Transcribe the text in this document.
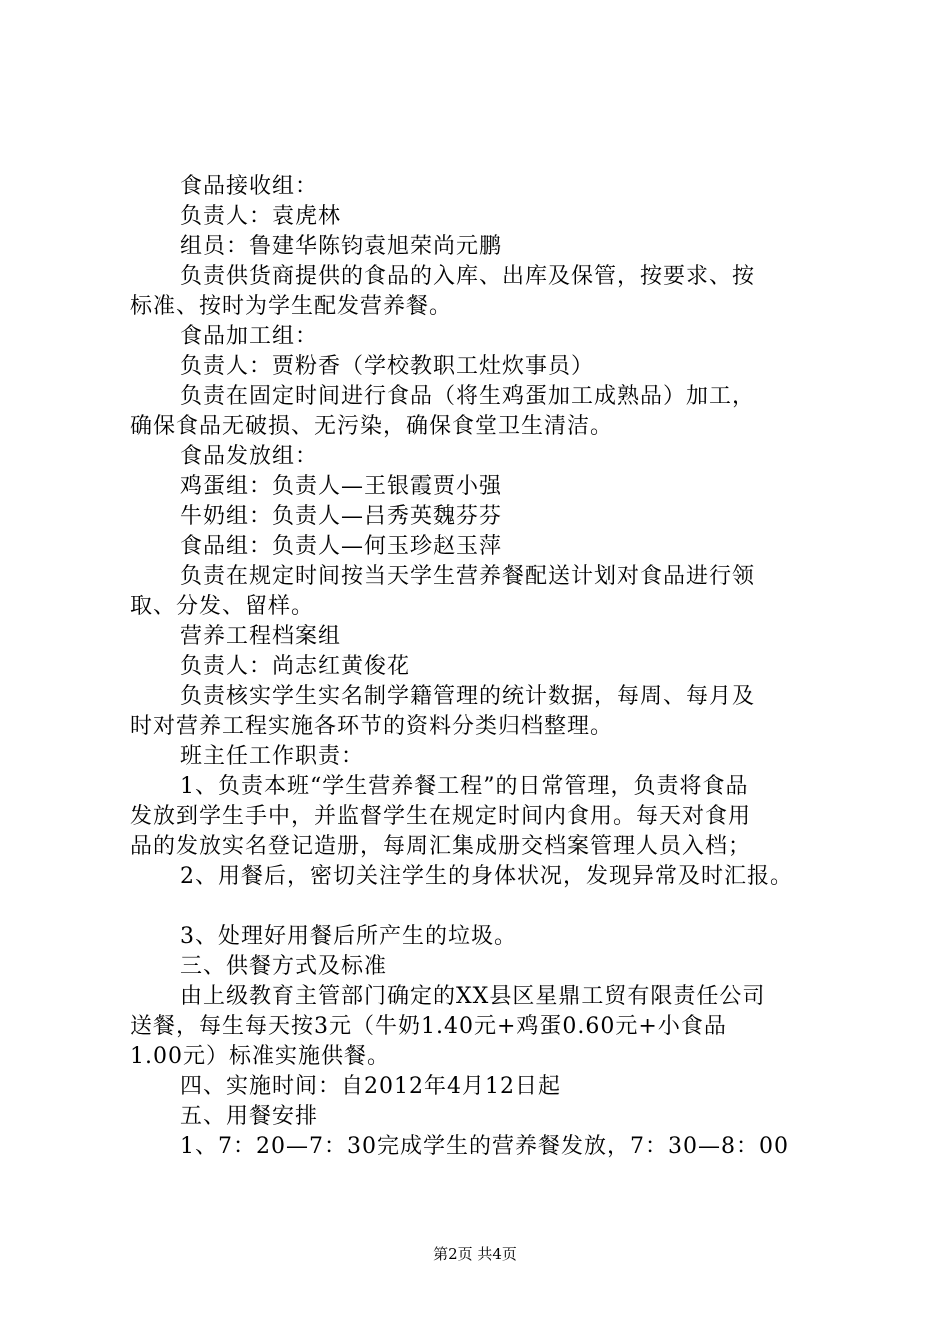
食品接收组：
负责人：袁虎林
组员：鲁建华陈钧袁旭荣尚元鹏
负责供货商提供的食品的入库、出库及保管，按要求、按
标准、按时为学生配发营养餐。
食品加工组：
负责人：贾粉香（学校教职工灶炊事员）
负责在固定时间进行食品（将生鸡蛋加工成熟品）加工，
确保食品无破损、无污染，确保食堂卫生清洁。
食品发放组：
鸡蛋组：负责人—王银霞贾小强
牛奶组：负责人—吕秀英魏芬芬
食品组：负责人—何玉珍赵玉萍
负责在规定时间按当天学生营养餐配送计划对食品进行领
取、分发、留样。
营养工程档案组
负责人：尚志红黄俊花
负责核实学生实名制学籍管理的统计数据，每周、每月及
时对营养工程实施各环节的资料分类归档整理。
班主任工作职责：
1、负责本班“学生营养餐工程”的日常管理，负责将食品
发放到学生手中，并监督学生在规定时间内食用。每天对食用
品的发放实名登记造册，每周汇集成册交档案管理人员入档；
2、用餐后，密切关注学生的身体状况，发现异常及时汇报。
3、处理好用餐后所产生的垃圾。
三、供餐方式及标准
由上级教育主管部门确定的XX县区星鼎工贸有限责任公司
送餐，每生每天按3元（牛奶1.40元+鸡蛋0.60元+小食品
1.00元）标准实施供餐。
四、实施时间：自2012年4月12日起
五、用餐安排
1、7：20—7：30完成学生的营养餐发放，7：30—8：00
第2页 共4页
